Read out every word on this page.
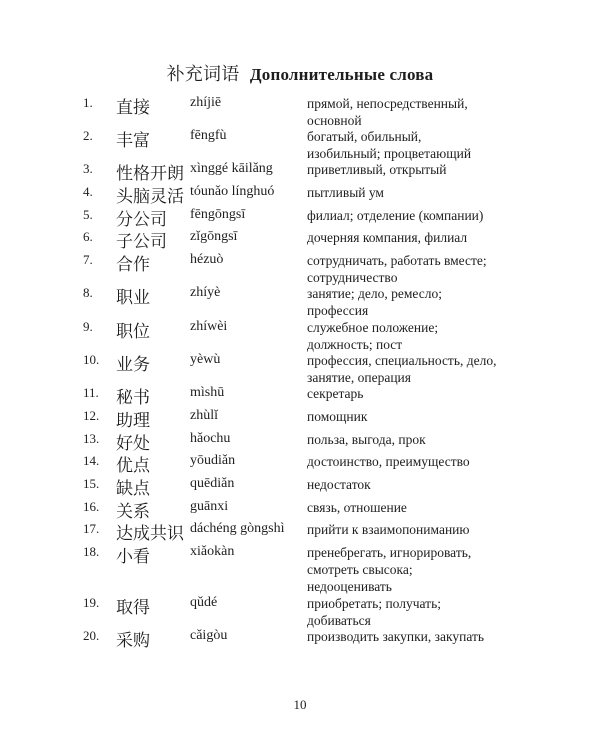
补充词语 Дополнительные слова
1.	直接	zhíjiē	прямой, непосредственный,
основной
2.	丰富	fēngfù	богатый, обильный,
изобильный; процветающий
3.	性格开朗 xìnggé kāilǎng	приветливый, открытый
4.	头脑灵活 tóunǎo línghuó пытливый ум
5.	分公司 fēngōngsī	филиал; отделение (компании)
6.	子公司 zǐgōngsī	дочерняя компания, филиал
7.	合作	hézuò	сотрудничать, работать вместе;
сотрудничество
8.	职业	zhíyè	занятие; дело, ремесло;
профессия
9.	职位	zhíwèi	служебное положение;
должность; пост
10. 业务	yèwù	профессия, специальность, дело,
занятие, операция
11.	秘书	mìshū	секретарь
12. 助理	zhùlǐ	помощник
13. 好处	hǎochu	польза, выгода, прок
14. 优点	yōudiǎn	достоинство, преимущество
15. 缺点	quēdiǎn	недостаток
16. 关系	guānxi	связь, отношение
17. 达成共识 dáchéng gòngshì прийти к взаимопониманию
18. 小看	xiǎokàn	пренебрегать, игнорировать,
смотреть свысока;
недооценивать
19. 取得	qǔdé	приобретать; получать;
добиваться
20. 采购	cǎigòu	производить закупки, закупать
10
